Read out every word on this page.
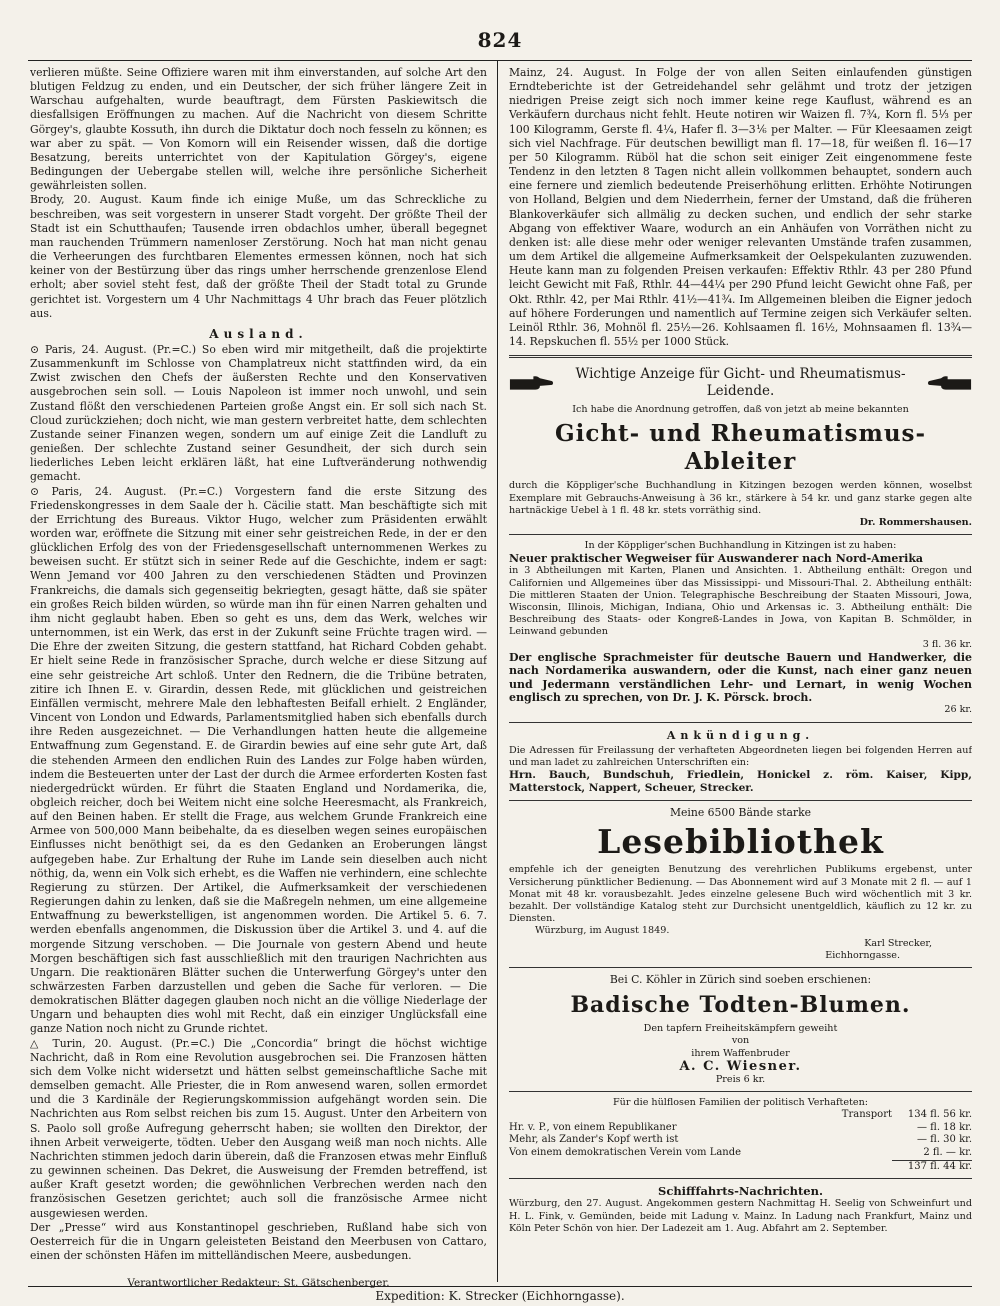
824

verlieren müßte. Seine Offiziere waren mit ihm einverstanden, auf solche Art den blutigen Feldzug zu enden, und ein Deutscher, der sich früher längere Zeit in Warschau aufgehalten, wurde beauftragt, dem Fürsten Paskiewitsch die diesfallsigen Eröffnungen zu machen. Auf die Nachricht von diesem Schritte Görgey's, glaubte Kossuth, ihn durch die Diktatur doch noch fesseln zu können; es war aber zu spät. — Von Komorn will ein Reisender wissen, daß die dortige Besatzung, bereits unterrichtet von der Kapitulation Görgey's, eigene Bedingungen der Uebergabe stellen will, welche ihre persönliche Sicherheit gewährleisten sollen.

Brody, 20. August. Kaum finde ich einige Muße, um das Schreckliche zu beschreiben, was seit vorgestern in unserer Stadt vorgeht. Der größte Theil der Stadt ist ein Schutthaufen; Tausende irren obdachlos umher, überall begegnet man rauchenden Trümmern namenloser Zerstörung. Noch hat man nicht genau die Verheerungen des furchtbaren Elementes ermessen können, noch hat sich keiner von der Bestürzung über das rings umher herrschende grenzenlose Elend erholt; aber soviel steht fest, daß der größte Theil der Stadt total zu Grunde gerichtet ist. Vorgestern um 4 Uhr Nachmittags 4 Uhr brach das Feuer plötzlich aus.

Ausland.

⊙ Paris, 24. August. (Pr.=C.) So eben wird mir mitgetheilt, daß die projektirte Zusammenkunft im Schlosse von Champlatreux nicht stattfinden wird, da ein Zwist zwischen den Chefs der äußersten Rechte und den Konservativen ausgebrochen sein soll. — Louis Napoleon ist immer noch unwohl, und sein Zustand flößt den verschiedenen Parteien große Angst ein. Er soll sich nach St. Cloud zurückziehen; doch nicht, wie man gestern verbreitet hatte, dem schlechten Zustande seiner Finanzen wegen, sondern um auf einige Zeit die Landluft zu genießen. Der schlechte Zustand seiner Gesundheit, der sich durch sein liederliches Leben leicht erklären läßt, hat eine Luftveränderung nothwendig gemacht.

⊙ Paris, 24. August. (Pr.=C.) Vorgestern fand die erste Sitzung des Friedenskongresses in dem Saale der h. Cäcilie statt. Man beschäftigte sich mit der Errichtung des Bureaus. Viktor Hugo, welcher zum Präsidenten erwählt worden war, eröffnete die Sitzung mit einer sehr geistreichen Rede, in der er den glücklichen Erfolg des von der Friedensgesellschaft unternommenen Werkes zu beweisen sucht. Er stützt sich in seiner Rede auf die Geschichte, indem er sagt: Wenn Jemand vor 400 Jahren zu den verschiedenen Städten und Provinzen Frankreichs, die damals sich gegenseitig bekriegten, gesagt hätte, daß sie später ein großes Reich bilden würden, so würde man ihn für einen Narren gehalten und ihm nicht geglaubt haben. Eben so geht es uns, dem das Werk, welches wir unternommen, ist ein Werk, das erst in der Zukunft seine Früchte tragen wird. — Die Ehre der zweiten Sitzung, die gestern stattfand, hat Richard Cobden gehabt. Er hielt seine Rede in französischer Sprache, durch welche er diese Sitzung auf eine sehr geistreiche Art schloß. Unter den Rednern, die die Tribüne betraten, zitire ich Ihnen E. v. Girardin, dessen Rede, mit glücklichen und geistreichen Einfällen vermischt, mehrere Male den lebhaftesten Beifall erhielt. 2 Engländer, Vincent von London und Edwards, Parlamentsmitglied haben sich ebenfalls durch ihre Reden ausgezeichnet. — Die Verhandlungen hatten heute die allgemeine Entwaffnung zum Gegenstand. E. de Girardin bewies auf eine sehr gute Art, daß die stehenden Armeen den endlichen Ruin des Landes zur Folge haben würden, indem die Besteuerten unter der Last der durch die Armee erforderten Kosten fast niedergedrückt würden. Er führt die Staaten England und Nordamerika, die, obgleich reicher, doch bei Weitem nicht eine solche Heeresmacht, als Frankreich, auf den Beinen haben. Er stellt die Frage, aus welchem Grunde Frankreich eine Armee von 500,000 Mann beibehalte, da es dieselben wegen seines europäischen Einflusses nicht benöthigt sei, da es den Gedanken an Eroberungen längst aufgegeben habe. Zur Erhaltung der Ruhe im Lande sein dieselben auch nicht nöthig, da, wenn ein Volk sich erhebt, es die Waffen nie verhindern, eine schlechte Regierung zu stürzen. Der Artikel, die Aufmerksamkeit der verschiedenen Regierungen dahin zu lenken, daß sie die Maßregeln nehmen, um eine allgemeine Entwaffnung zu bewerkstelligen, ist angenommen worden. Die Artikel 5. 6. 7. werden ebenfalls angenommen, die Diskussion über die Artikel 3. und 4. auf die morgende Sitzung verschoben. — Die Journale von gestern Abend und heute Morgen beschäftigen sich fast ausschließlich mit den traurigen Nachrichten aus Ungarn. Die reaktionären Blätter suchen die Unterwerfung Görgey's unter den schwärzesten Farben darzustellen und geben die Sache für verloren. — Die demokratischen Blätter dagegen glauben noch nicht an die völlige Niederlage der Ungarn und behaupten dies wohl mit Recht, daß ein einziger Unglücksfall eine ganze Nation noch nicht zu Grunde richtet.

△ Turin, 20. August. (Pr.=C.) Die „Concordia“ bringt die höchst wichtige Nachricht, daß in Rom eine Revolution ausgebrochen sei. Die Franzosen hätten sich dem Volke nicht widersetzt und hätten selbst gemeinschaftliche Sache mit demselben gemacht. Alle Priester, die in Rom anwesend waren, sollen ermordet und die 3 Kardinäle der Regierungskommission aufgehängt worden sein. Die Nachrichten aus Rom selbst reichen bis zum 15. August. Unter den Arbeitern von S. Paolo soll große Aufregung geherrscht haben; sie wollten den Direktor, der ihnen Arbeit verweigerte, tödten. Ueber den Ausgang weiß man noch nichts. Alle Nachrichten stimmen jedoch darin überein, daß die Franzosen etwas mehr Einfluß zu gewinnen scheinen. Das Dekret, die Ausweisung der Fremden betreffend, ist außer Kraft gesetzt worden; die gewöhnlichen Verbrechen werden nach den französischen Gesetzen gerichtet; auch soll die französische Armee nicht ausgewiesen werden.

Der „Presse“ wird aus Konstantinopel geschrieben, Rußland habe sich von Oesterreich für die in Ungarn geleisteten Beistand den Meerbusen von Cattaro, einen der schönsten Häfen im mittelländischen Meere, ausbedungen.

Mainz, 24. August. In Folge der von allen Seiten einlaufenden günstigen Erndteberichte ist der Getreidehandel sehr gelähmt und trotz der jetzigen niedrigen Preise zeigt sich noch immer keine rege Kauflust, während es an Verkäufern durchaus nicht fehlt. Heute notiren wir Waizen fl. 7¾, Korn fl. 5⅓ per 100 Kilogramm, Gerste fl. 4¼, Hafer fl. 3—3⅙ per Malter. — Für Kleesaamen zeigt sich viel Nachfrage. Für deutschen bewilligt man fl. 17—18, für weißen fl. 16—17 per 50 Kilogramm. Rüböl hat die schon seit einiger Zeit eingenommene feste Tendenz in den letzten 8 Tagen nicht allein vollkommen behauptet, sondern auch eine fernere und ziemlich bedeutende Preiserhöhung erlitten. Erhöhte Notirungen von Holland, Belgien und dem Niederrhein, ferner der Umstand, daß die früheren Blankoverkäufer sich allmälig zu decken suchen, und endlich der sehr starke Abgang von effektiver Waare, wodurch an ein Anhäufen von Vorräthen nicht zu denken ist: alle diese mehr oder weniger relevanten Umstände trafen zusammen, um dem Artikel die allgemeine Aufmerksamkeit der Oelspekulanten zuzuwenden. Heute kann man zu folgenden Preisen verkaufen: Effektiv Rthlr. 43 per 280 Pfund leicht Gewicht mit Faß, Rthlr. 44—44¼ per 290 Pfund leicht Gewicht ohne Faß, per Okt. Rthlr. 42, per Mai Rthlr. 41½—41¾. Im Allgemeinen bleiben die Eigner jedoch auf höhere Forderungen und namentlich auf Termine zeigen sich Verkäufer selten. Leinöl Rthlr. 36, Mohnöl fl. 25½—26. Kohlsaamen fl. 16½, Mohnsaamen fl. 13¾—14. Repskuchen fl. 55½ per 1000 Stück.

Wichtige Anzeige für Gicht- und Rheumatismus-Leidende.
Ich habe die Anordnung getroffen, daß von jetzt ab meine bekannten
Gicht- und Rheumatismus-Ableiter
durch die Köppliger'sche Buchhandlung in Kitzingen bezogen werden können, woselbst Exemplare mit Gebrauchs-Anweisung à 36 kr., stärkere à 54 kr. und ganz starke gegen alte hartnäckige Uebel à 1 fl. 48 kr. stets vorräthig sind.
Dr. Rommershausen.
In der Köppliger'schen Buchhandlung in Kitzingen ist zu haben:
Neuer praktischer Wegweiser für Auswanderer nach Nord-Amerika
in 3 Abtheilungen mit Karten, Planen und Ansichten. 1. Abtheilung enthält: Oregon und Californien und Allgemeines über das Mississippi- und Missouri-Thal. 2. Abtheilung enthält: Die mittleren Staaten der Union. Telegraphische Beschreibung der Staaten Missouri, Jowa, Wisconsin, Illinois, Michigan, Indiana, Ohio und Arkensas ic. 3. Abtheilung enthält: Die Beschreibung des Staats- oder Kongreß-Landes in Jowa, von Kapitan B. Schmölder, in Leinwand gebunden
3 fl. 36 kr.
Der englische Sprachmeister für deutsche Bauern und Handwerker, die nach Nordamerika auswandern, oder die Kunst, nach einer ganz neuen und Jedermann verständlichen Lehr- und Lernart, in wenig Wochen englisch zu sprechen, von Dr. J. K. Pörsck. broch.
26 kr.
Ankündigung.
Die Adressen für Freilassung der verhafteten Abgeordneten liegen bei folgenden Herren auf und man ladet zu zahlreichen Unterschriften ein:
Hrn. Bauch, Bundschuh, Friedlein, Honickel z. röm. Kaiser, Kipp, Matterstock, Nappert, Scheuer, Strecker.
Meine 6500 Bände starke
Lesebibliothek
empfehle ich der geneigten Benutzung des verehrlichen Publikums ergebenst, unter Versicherung pünktlicher Bedienung. — Das Abonnement wird auf 3 Monate mit 2 fl. — auf 1 Monat mit 48 kr. vorausbezahlt. Jedes einzelne gelesene Buch wird wöchentlich mit 3 kr. bezahlt. Der vollständige Katalog steht zur Durchsicht unentgeldlich, käuflich zu 12 kr. zu Diensten.
Würzburg, im August 1849.
Karl Strecker,
Eichhorngasse.
Bei C. Köhler in Zürich sind soeben erschienen:
Badische Todten-Blumen.
Den tapfern Freiheitskämpfern geweiht
von
ihrem Waffenbruder
A. C. Wiesner.
Preis 6 kr.
Für die hülflosen Familien der politisch Verhafteten:
Transport	134 fl. 56 kr.
Hr. v. P., von einem Republikaner	— fl. 18 kr.
Mehr, als Zander's Kopf werth ist	— fl. 30 kr.
Von einem demokratischen Verein vom Lande	2 fl. — kr.
	137 fl. 44 kr.
Schifffahrts-Nachrichten.
Würzburg, den 27. August. Angekommen gestern Nachmittag H. Seelig von Schweinfurt und H. L. Fink, v. Gemünden, beide mit Ladung v. Mainz. In Ladung nach Frankfurt, Mainz und Köln Peter Schön von hier. Der Ladezeit am 1. Aug. Abfahrt am 2. September.
Verantwortlicher Redakteur: St. Gätschenberger.
Expedition: K. Strecker (Eichhorngasse).
